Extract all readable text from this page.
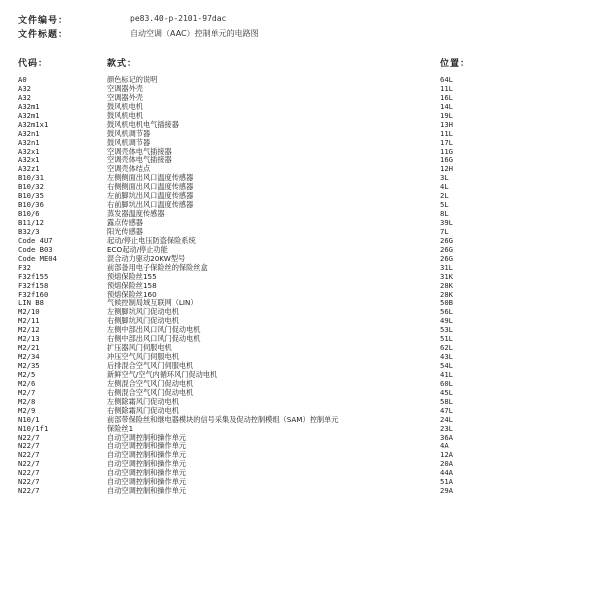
文件编号：	pe83.40-p-2101-97dac
文件标题：	自动空调（AAC）控制单元的电路图
代码：	款式：	位置：
A0	颜色标记的说明	64L
A32	空调器外壳	11L
A32	空调器外壳	16L
A32m1	鼓风机电机	14L
A32m1	鼓风机电机	19L
A32m1x1	鼓风机电机电气插接器	13H
A32n1	鼓风机调节器	11L
A32n1	鼓风机调节器	17L
A32x1	空调壳体电气插接器	11G
A32x1	空调壳体电气插接器	16G
A32z1	空调壳体结点	12H
B10/31	左侧侧面出风口温度传感器	3L
B10/32	右侧侧面出风口温度传感器	4L
B10/35	左前脚坑出风口温度传感器	2L
B10/36	右前脚坑出风口温度传感器	5L
B10/6	蒸发器温度传感器	8L
B11/12	露点传感器	39L
B32/3	阳光传感器	7L
Code 4U7	起动/停止电压防盗保险系统	26G
Code B03	ECO起动/停止功能	26G
Code ME04	混合动力驱动20KW型号	26G
F32	前部备用电子保险丝的保险丝盒	31L
F32f155	预熔保险丝155	31K
F32f158	预熔保险丝158	28K
F32f160	预熔保险丝160	28K
LIN B8	气候控制局域互联网（LIN）	50B
M2/10	左侧脚坑风门促动电机	56L
M2/11	右侧脚坑风门促动电机	49L
M2/12	左侧中部出风口风门促动电机	53L
M2/13	右侧中部出风口风门促动电机	51L
M2/21	扩压器风门伺服电机	62L
M2/34	冲压空气风门伺服电机	43L
M2/35	后排混合空气风门伺服电机	54L
M2/5	新鲜空气/空气内循环风门促动电机	41L
M2/6	左侧混合空气风门促动电机	60L
M2/7	右侧混合空气风门促动电机	45L
M2/8	左侧除霜风门促动电机	58L
M2/9	右侧除霜风门促动电机	47L
N10/1	前部带保险丝和继电器模块的信号采集及促动控制模组（SAM）控制单元	24L
N10/1f1	保险丝1	23L
N22/7	自动空调控制和操作单元	36A
N22/7	自动空调控制和操作单元	4A
N22/7	自动空调控制和操作单元	12A
N22/7	自动空调控制和操作单元	20A
N22/7	自动空调控制和操作单元	44A
N22/7	自动空调控制和操作单元	51A
N22/7	自动空调控制和操作单元	29A
